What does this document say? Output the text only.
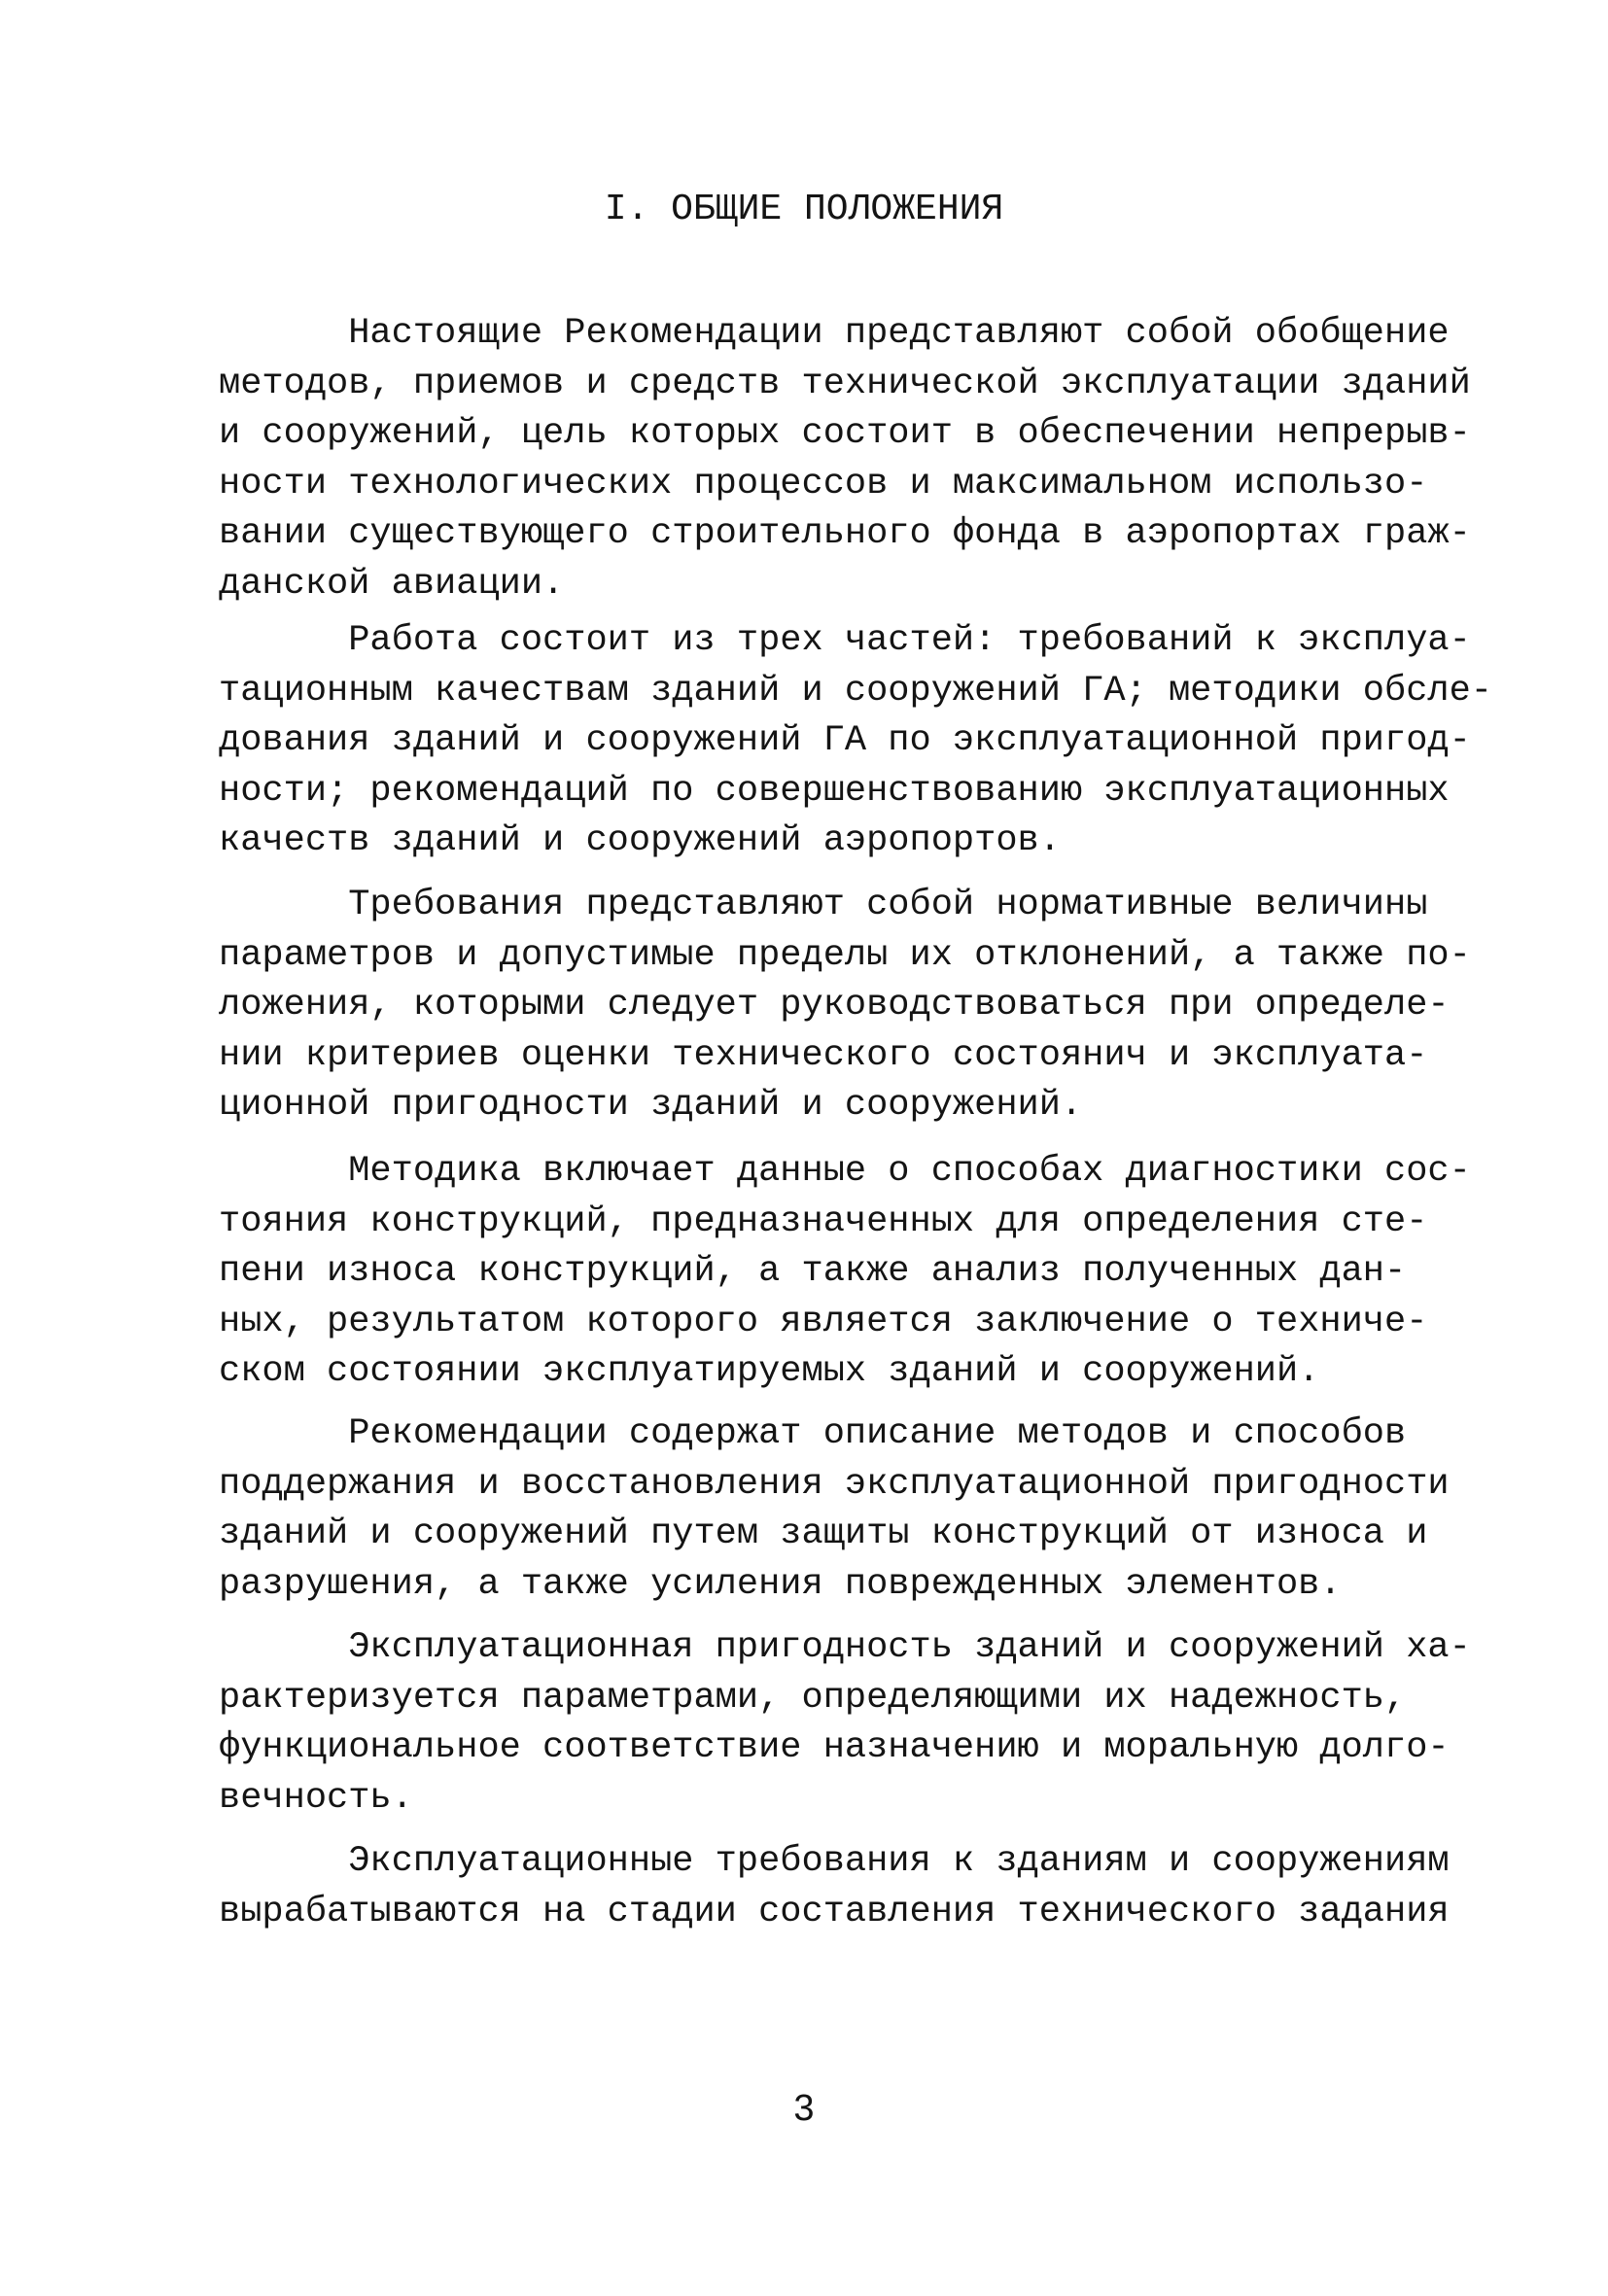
I. ОБЩИЕ ПОЛОЖЕНИЯ
Настоящие Рекомендации представляют собой обобщение
методов, приемов и средств технической эксплуатации зданий
и сооружений, цель которых состоит в обеспечении непрерыв-
ности технологических процессов и максимальном использо-
вании существующего строительного фонда в аэропортах граж-
данской авиации.
Работа состоит из трех частей: требований к эксплуа-
тационным качествам зданий и сооружений ГА; методики обсле-
дования зданий и сооружений ГА по эксплуатационной пригод-
ности; рекомендаций по совершенствованию эксплуатационных
качеств зданий и сооружений аэропортов.
Требования представляют собой нормативные величины
параметров и допустимые пределы их отклонений, а также по-
ложения, которыми следует руководствоваться при определе-
нии критериев оценки технического состоянич и эксплуата-
ционной пригодности зданий и сооружений.
Методика включает данные о способах диагностики сос-
тояния конструкций, предназначенных для определения сте-
пени износа конструкций, а также анализ полученных дан-
ных, результатом которого является заключение о техниче-
ском состоянии эксплуатируемых зданий и сооружений.
Рекомендации содержат описание методов и способов
поддержания и восстановления эксплуатационной пригодности
зданий и сооружений путем защиты конструкций от износа и
разрушения, а также усиления поврежденных элементов.
Эксплуатационная пригодность зданий и сооружений ха-
рактеризуется параметрами, определяющими их надежность,
функциональное соответствие назначению и моральную долго-
вечность.
Эксплуатационные требования к зданиям и сооружениям
вырабатываются на стадии составления технического задания
3
